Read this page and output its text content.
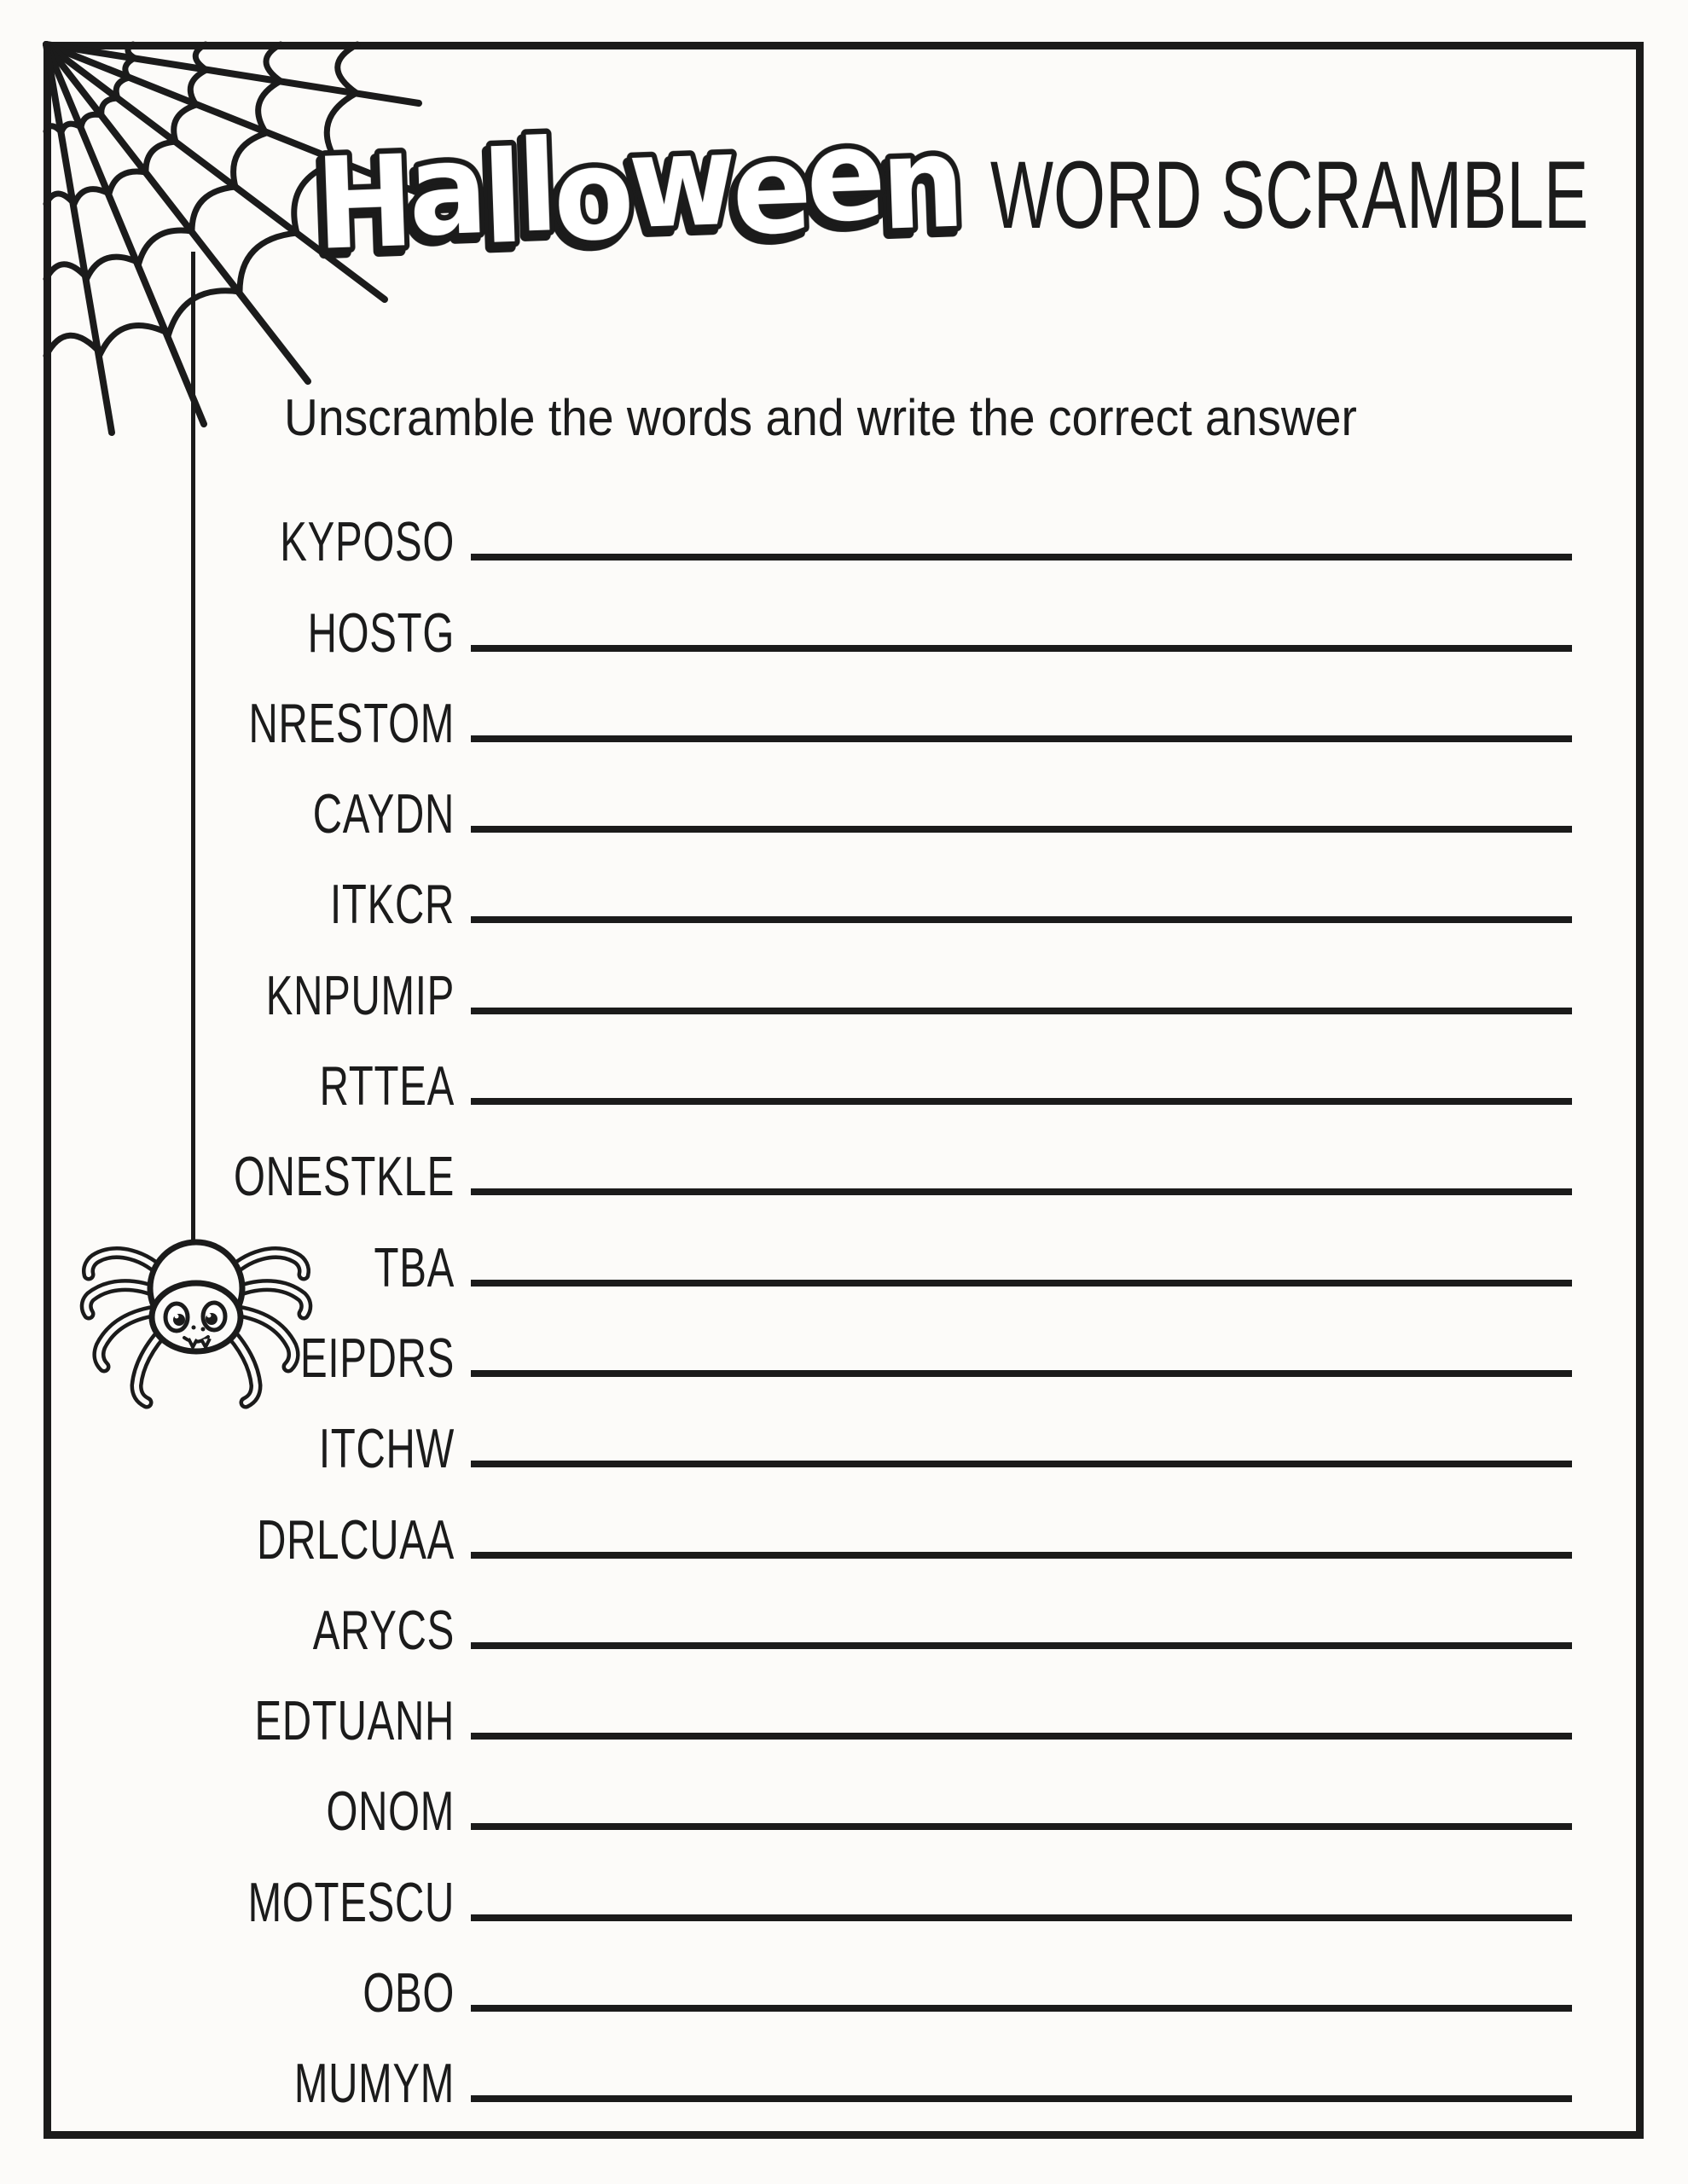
Halloween WORD SCRAMBLE
Unscramble the words and write the correct answer
KYPOSO
HOSTG
NRESTOM
CAYDN
ITKCR
KNPUMIP
RTTEA
ONESTKLE
TBA
EIPDRS
ITCHW
DRLCUAA
ARYCS
EDTUANH
ONOM
MOTESCU
OBO
MUMYM
